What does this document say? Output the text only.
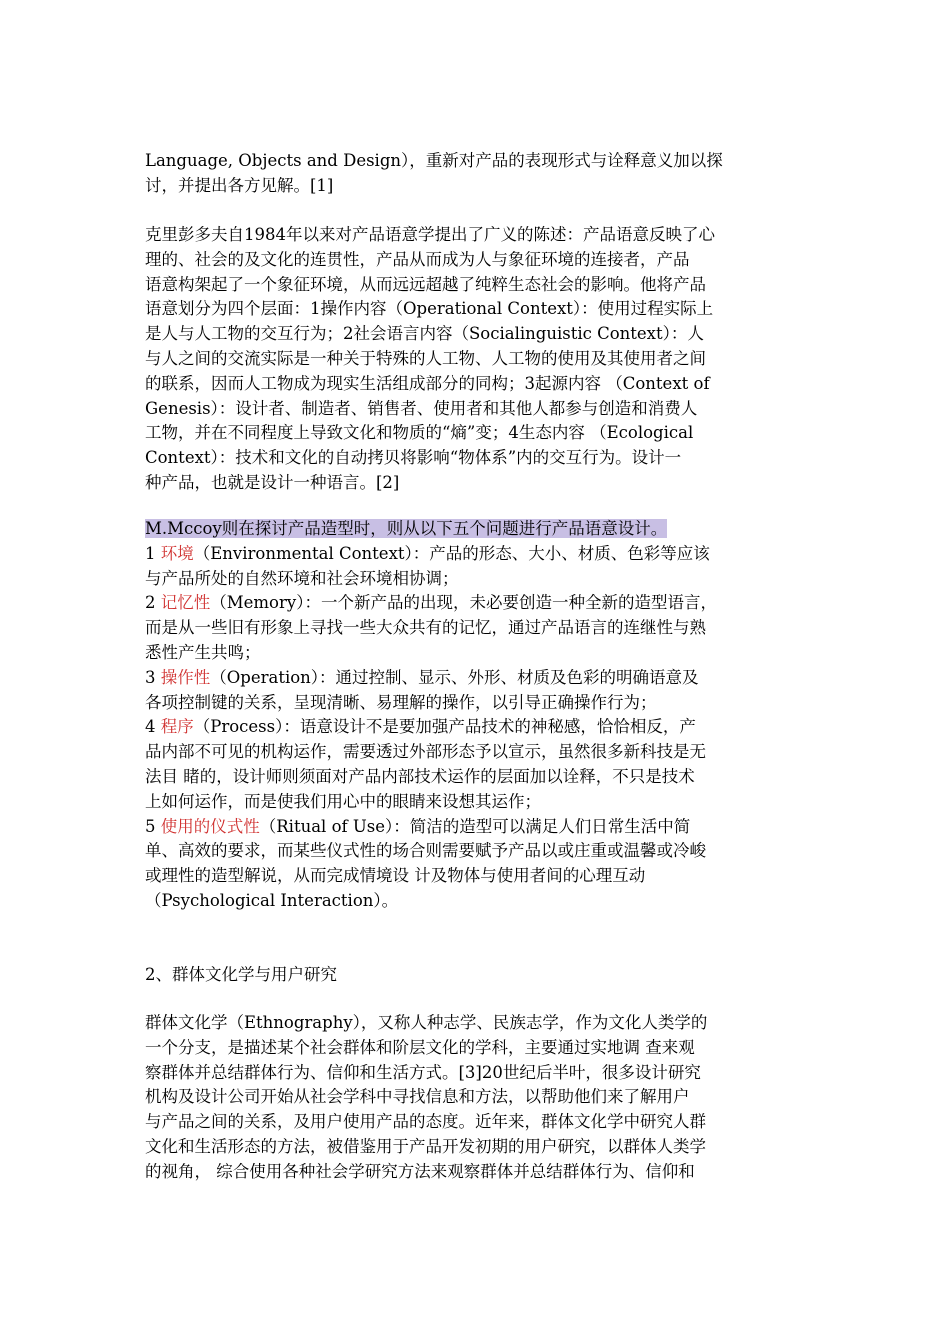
Language, Objects and Design），重新对产品的表现形式与诠释意义加以探
讨，并提出各方见解。[1]
克里彭多夫自1984年以来对产品语意学提出了广义的陈述：产品语意反映了心
理的、社会的及文化的连贯性，产品从而成为人与象征环境的连接者，产品
语意构架起了一个象征环境，从而远远超越了纯粹生态社会的影响。他将产品
语意划分为四个层面：1操作内容（Operational Context）：使用过程实际上
是人与人工物的交互行为；2社会语言内容（Socialinguistic Context）：人
与人之间的交流实际是一种关于特殊的人工物、人工物的使用及其使用者之间
的联系，因而人工物成为现实生活组成部分的同构；3起源内容 （Context of
Genesis）：设计者、制造者、销售者、使用者和其他人都参与创造和消费人
工物，并在不同程度上导致文化和物质的“熵”变；4生态内容 （Ecological
Context）：技术和文化的自动拷贝将影响“物体系”内的交互行为。设计一
种产品，也就是设计一种语言。[2]
M.Mccoy则在探讨产品造型时，则从以下五个问题进行产品语意设计。
1 环境（Environmental Context）：产品的形态、大小、材质、色彩等应该
与产品所处的自然环境和社会环境相协调；
2 记忆性（Memory）：一个新产品的出现，未必要创造一种全新的造型语言，
而是从一些旧有形象上寻找一些大众共有的记忆，通过产品语言的连继性与熟
悉性产生共鸣；
3 操作性（Operation）：通过控制、显示、外形、材质及色彩的明确语意及
各项控制键的关系，呈现清晰、易理解的操作，以引导正确操作行为；
4 程序（Process）：语意设计不是要加强产品技术的神秘感，恰恰相反，产
品内部不可见的机构运作，需要透过外部形态予以宣示，虽然很多新科技是无
法目 睹的，设计师则须面对产品内部技术运作的层面加以诠释，不只是技术
上如何运作，而是使我们用心中的眼睛来设想其运作；
5 使用的仪式性（Ritual of Use）：简洁的造型可以满足人们日常生活中简
单、高效的要求，而某些仪式性的场合则需要赋予产品以或庄重或温馨或冷峻
或理性的造型解说，从而完成情境设 计及物体与使用者间的心理互动
（Psychological Interaction）。
2、群体文化学与用户研究
群体文化学（Ethnography），又称人种志学、民族志学，作为文化人类学的
一个分支，是描述某个社会群体和阶层文化的学科，主要通过实地调 查来观
察群体并总结群体行为、信仰和生活方式。[3]20世纪后半叶，很多设计研究
机构及设计公司开始从社会学科中寻找信息和方法，以帮助他们来了解用户
与产品之间的关系，及用户使用产品的态度。近年来，群体文化学中研究人群
文化和生活形态的方法，被借鉴用于产品开发初期的用户研究，以群体人类学
的视角， 综合使用各种社会学研究方法来观察群体并总结群体行为、信仰和
